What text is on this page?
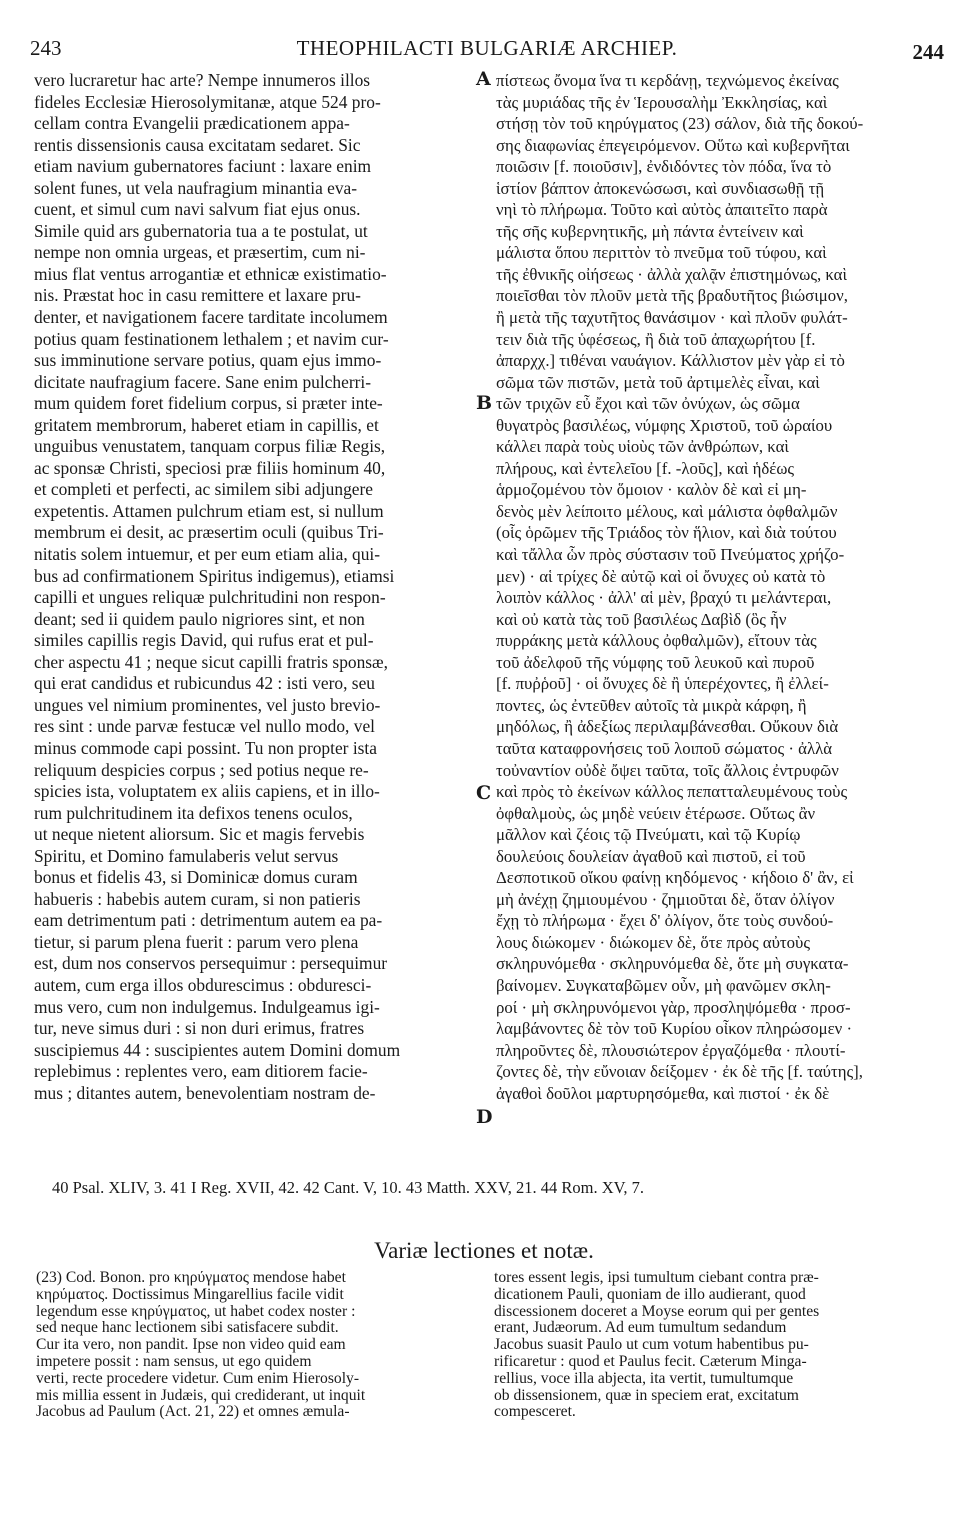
243	THEOPHILACTI BULGARIÆ ARCHIEP.	244
vero lucraretur hac arte? Nempe innumeros illos
fideles Ecclesiæ Hierosolymitanæ, atque 524 pro-
cellam contra Evangelii prædicationem appa-
rentis dissensionis causa excitatam sedaret. Sic
etiam navium gubernatores faciunt : laxare enim
solent funes, ut vela naufragium minantia eva-
cuent, et simul cum navi salvum fiat ejus onus.
Simile quid ars gubernatoria tua a te postulat, ut
nempe non omnia urgeas, et præsertim, cum ni-
mius flat ventus arrogantiæ et ethnicæ existimatio-
nis. Præstat hoc in casu remittere et laxare pru-
denter, et navigationem facere tarditate incolumem
potius quam festinationem lethalem ; et navim cur-
sus imminutione servare potius, quam ejus immo-
dicitate naufragium facere. Sane enim pulcherri-
mum quidem foret fidelium corpus, si præter inte-
gritatem membrorum, haberet etiam in capillis, et
unguibus venustatem, tanquam corpus filiæ Regis,
ac sponsæ Christi, speciosi præ filiis hominum 40,
et completi et perfecti, ac similem sibi adjungere
expetentis. Attamen pulchrum etiam est, si nullum
membrum ei desit, ac præsertim oculi (quibus Tri-
nitatis solem intuemur, et per eum etiam alia, qui-
bus ad confirmationem Spiritus indigemus), etiamsi
capilli et ungues reliquæ pulchritudini non respon-
deant; sed ii quidem paulo nigriores sint, et non
similes capillis regis David, qui rufus erat et pul-
cher aspectu 41 ; neque sicut capilli fratris sponsæ,
qui erat candidus et rubicundus 42 : isti vero, seu
ungues vel nimium prominentes, vel justo brevio-
res sint : unde parvæ festucæ vel nullo modo, vel
minus commode capi possint. Tu non propter ista
reliquum despicies corpus ; sed potius neque re-
spicies ista, voluptatem ex aliis capiens, et in illo-
rum pulchritudinem ita defixos tenens oculos,
ut neque nietent aliorsum. Sic et magis fervebis
Spiritu, et Domino famulaberis velut servus
bonus et fidelis 43, si Dominicæ domus curam
habueris : habebis autem curam, si non patieris
eam detrimentum pati : detrimentum autem ea pa-
tietur, si parum plena fuerit : parum vero plena
est, dum nos conservos persequimur : persequimur
autem, cum erga illos obdurescimus : obduresci-
mus vero, cum non indulgemus. Indulgeamus igi-
tur, neve simus duri : si non duri erimus, fratres
suscipiemus 44 : suscipientes autem Domini domum
replebimus : replentes vero, eam ditiorem facie-
mus ; ditantes autem, benevolentiam nostram de-
πίστεως ὄνομα ἵνα τι κερδάνῃ, τεχνώμενος ἐκείνας
τὰς μυριάδας τῆς ἐν Ἱερουσαλὴμ Ἐκκλησίας, καὶ
στήσῃ τὸν τοῦ κηρύγματος (23) σάλον, διὰ τῆς δοκού-
σης διαφωνίας ἐπεγειρόμενον. Οὕτω καὶ κυβερνῆται
ποιῶσιν [f. ποιοῦσιν], ἐνδιδόντες τὸν πόδα, ἵνα τὸ
ἱστίον βάπτον ἀποκενώσωσι, καὶ συνδιασωθῇ τῇ
νηὶ τὸ πλήρωμα. Τοῦτο καὶ αὐτὸς ἀπαιτεῖτο παρὰ
τῆς σῆς κυβερνητικῆς, μὴ πάντα ἐντείνειν καὶ
μάλιστα ὅπου περιττὸν τὸ πνεῦμα τοῦ τύφου, καὶ
τῆς ἐθνικῆς οἰήσεως · ἀλλὰ χαλᾷν ἐπιστημόνως, καὶ
ποιεῖσθαι τὸν πλοῦν μετὰ τῆς βραδυτῆτος βιώσιμον,
ἢ μετὰ τῆς ταχυτῆτος θανάσιμον · καὶ πλοῦν φυλάτ-
τειν διὰ τῆς ὑφέσεως, ἢ διὰ τοῦ ἀπαχωρήτου [f.
ἀπαρχχ.] τιθέναι ναυάγιον. Κάλλιστον μὲν γὰρ εἰ τὸ
σῶμα τῶν πιστῶν, μετὰ τοῦ ἀρτιμελὲς εἶναι, καὶ
τῶν τριχῶν εὖ ἔχοι καὶ τῶν ὀνύχων, ὡς σῶμα
θυγατρὸς βασιλέως, νύμφης Χριστοῦ, τοῦ ὡραίου
κάλλει παρὰ τοὺς υἱοὺς τῶν ἀνθρώπων, καὶ
πλήρους, καὶ ἐντελεῖου [f. -λοῦς], καὶ ἡδέως
ἁρμοζομένου τὸν ὅμοιον · καλὸν δὲ καὶ εἰ μη-
δενὸς μὲν λείποιτο μέλους, καὶ μάλιστα ὀφθαλμῶν
(οἷς ὁρῶμεν τῆς Τριάδος τὸν ἥλιον, καὶ διὰ τούτου
καὶ τἄλλα ὧν πρὸς σύστασιν τοῦ Πνεύματος χρήζο-
μεν) · αἱ τρίχες δὲ αὐτῷ καὶ οἱ ὄνυχες οὐ κατὰ τὸ
λοιπὸν κάλλος · ἀλλ' αἱ μὲν, βραχύ τι μελάντεραι,
καὶ οὐ κατὰ τὰς τοῦ βασιλέως Δαβὶδ (ὃς ἦν
πυρράκης μετὰ κάλλους ὀφθαλμῶν), εἴτουν τὰς
τοῦ ἀδελφοῦ τῆς νύμφης τοῦ λευκοῦ καὶ πυροῦ
[f. πυῤῥοῦ] · οἱ ὄνυχες δὲ ἢ ὑπερέχοντες, ἢ ἐλλεί-
ποντες, ὡς ἐντεῦθεν αὐτοῖς τὰ μικρὰ κάρφη, ἢ
μηδόλως, ἢ ἀδεξίως περιλαμβάνεσθαι. Οὔκουν διὰ
ταῦτα καταφρονήσεις τοῦ λοιποῦ σώματος · ἀλλὰ
τοὐναντίον οὐδὲ ὄψει ταῦτα, τοῖς ἄλλοις ἐντρυφῶν
καὶ πρὸς τὸ ἐκείνων κάλλος πεπατταλευμένους τοὺς
ὀφθαλμοὺς, ὡς μηδὲ νεύειν ἑτέρωσε. Οὕτως ἂν
μᾶλλον καὶ ζέοις τῷ Πνεύματι, καὶ τῷ Κυρίῳ
δουλεύοις δουλείαν ἀγαθοῦ καὶ πιστοῦ, εἰ τοῦ
Δεσποτικοῦ οἴκου φαίνῃ κηδόμενος · κήδοιο δ' ἂν, εἰ
μὴ ἀνέχῃ ζημιουμένου · ζημιοῦται δὲ, ὅταν ὀλίγον
ἔχῃ τὸ πλήρωμα · ἔχει δ' ὀλίγον, ὅτε τοὺς συνδού-
λους διώκομεν · διώκομεν δὲ, ὅτε πρὸς αὐτοὺς
σκληρυνόμεθα · σκληρυνόμεθα δὲ, ὅτε μὴ συγκατα-
βαίνομεν. Συγκαταβῶμεν οὖν, μὴ φανῶμεν σκλη-
ροί · μὴ σκληρυνόμενοι γὰρ, προσληψόμεθα · προσ-
λαμβάνοντες δὲ τὸν τοῦ Κυρίου οἶκον πληρώσομεν ·
πληροῦντες δὲ, πλουσιώτερον ἐργαζόμεθα · πλουτί-
ζοντες δὲ, τὴν εὔνοιαν δείξομεν · ἐκ δὲ τῆς [f. ταύτης],
ἀγαθοὶ δοῦλοι μαρτυρησόμεθα, καὶ πιστοί · ἐκ δὲ
A
B
C
D
40 Psal. XLIV, 3. 41 I Reg. XVII, 42. 42 Cant. V, 10. 43 Matth. XXV, 21. 44 Rom. XV, 7.
Variæ lectiones et notæ.
(23) Cod. Bonon. pro κηρύγματος mendose habet
κηρύματος. Doctissimus Mingarellius facile vidit
legendum esse κηρύγματος, ut habet codex noster :
sed neque hanc lectionem sibi satisfacere subdit.
Cur ita vero, non pandit. Ipse non video quid eam
impetere possit : nam sensus, ut ego quidem
verti, recte procedere videtur. Cum enim Hierosoly-
mis millia essent in Judæis, qui crediderant, ut inquit
Jacobus ad Paulum (Act. 21, 22) et omnes æmula-
tores essent legis, ipsi tumultum ciebant contra præ-
dicationem Pauli, quoniam de illo audierant, quod
discessionem doceret a Moyse eorum qui per gentes
erant, Judæorum. Ad eum tumultum sedandum
Jacobus suasit Paulo ut cum votum habentibus pu-
rificaretur : quod et Paulus fecit. Cæterum Minga-
rellius, voce illa abjecta, ita vertit, tumultumque
ob dissensionem, quæ in speciem erat, excitatum
compesceret.
